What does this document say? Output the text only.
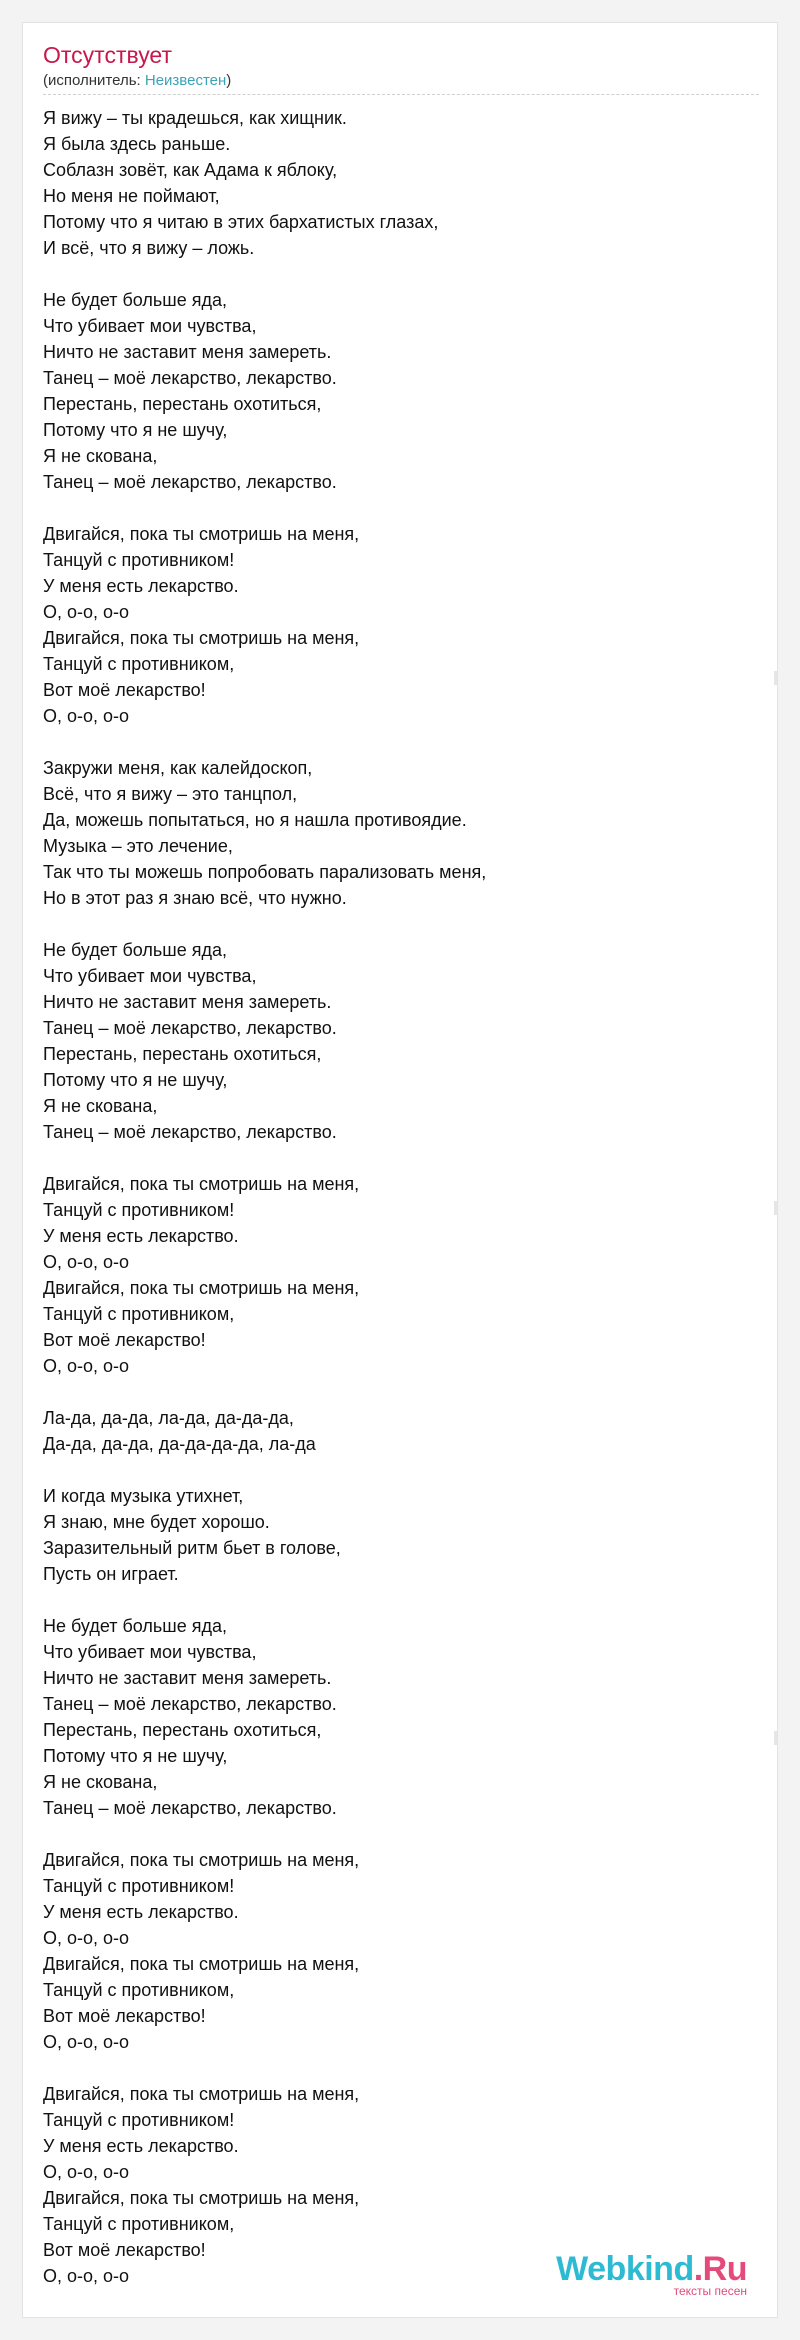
Отсутствует
(исполнитель: Неизвестен)
Я вижу – ты крадешься, как хищник.
Я была здесь раньше.
Соблазн зовёт, как Адама к яблоку,
Но меня не поймают,
Потому что я читаю в этих бархатистых глазах,
И всё, что я вижу – ложь.
Не будет больше яда,
Что убивает мои чувства,
Ничто не заставит меня замереть.
Танец – моё лекарство, лекарство.
Перестань, перестань охотиться,
Потому что я не шучу,
Я не скована,
Танец – моё лекарство, лекарство.
Двигайся, пока ты смотришь на меня,
Танцуй с противником!
У меня есть лекарство.
О, о-о, о-о
Двигайся, пока ты смотришь на меня,
Танцуй с противником,
Вот моё лекарство!
О, о-о, о-о
Закружи меня, как калейдоскоп,
Всё, что я вижу – это танцпол,
Да, можешь попытаться, но я нашла противоядие.
Музыка – это лечение,
Так что ты можешь попробовать парализовать меня,
Но в этот раз я знаю всё, что нужно.
Не будет больше яда,
Что убивает мои чувства,
Ничто не заставит меня замереть.
Танец – моё лекарство, лекарство.
Перестань, перестань охотиться,
Потому что я не шучу,
Я не скована,
Танец – моё лекарство, лекарство.
Двигайся, пока ты смотришь на меня,
Танцуй с противником!
У меня есть лекарство.
О, о-о, о-о
Двигайся, пока ты смотришь на меня,
Танцуй с противником,
Вот моё лекарство!
О, о-о, о-о
Ла-да, да-да, ла-да, да-да-да,
Да-да, да-да, да-да-да-да, ла-да
И когда музыка утихнет,
Я знаю, мне будет хорошо.
Заразительный ритм бьет в голове,
Пусть он играет.
Не будет больше яда,
Что убивает мои чувства,
Ничто не заставит меня замереть.
Танец – моё лекарство, лекарство.
Перестань, перестань охотиться,
Потому что я не шучу,
Я не скована,
Танец – моё лекарство, лекарство.
Двигайся, пока ты смотришь на меня,
Танцуй с противником!
У меня есть лекарство.
О, о-о, о-о
Двигайся, пока ты смотришь на меня,
Танцуй с противником,
Вот моё лекарство!
О, о-о, о-о
Двигайся, пока ты смотришь на меня,
Танцуй с противником!
У меня есть лекарство.
О, о-о, о-о
Двигайся, пока ты смотришь на меня,
Танцуй с противником,
Вот моё лекарство!
О, о-о, о-о	Webkind.Ru
тексты песен
